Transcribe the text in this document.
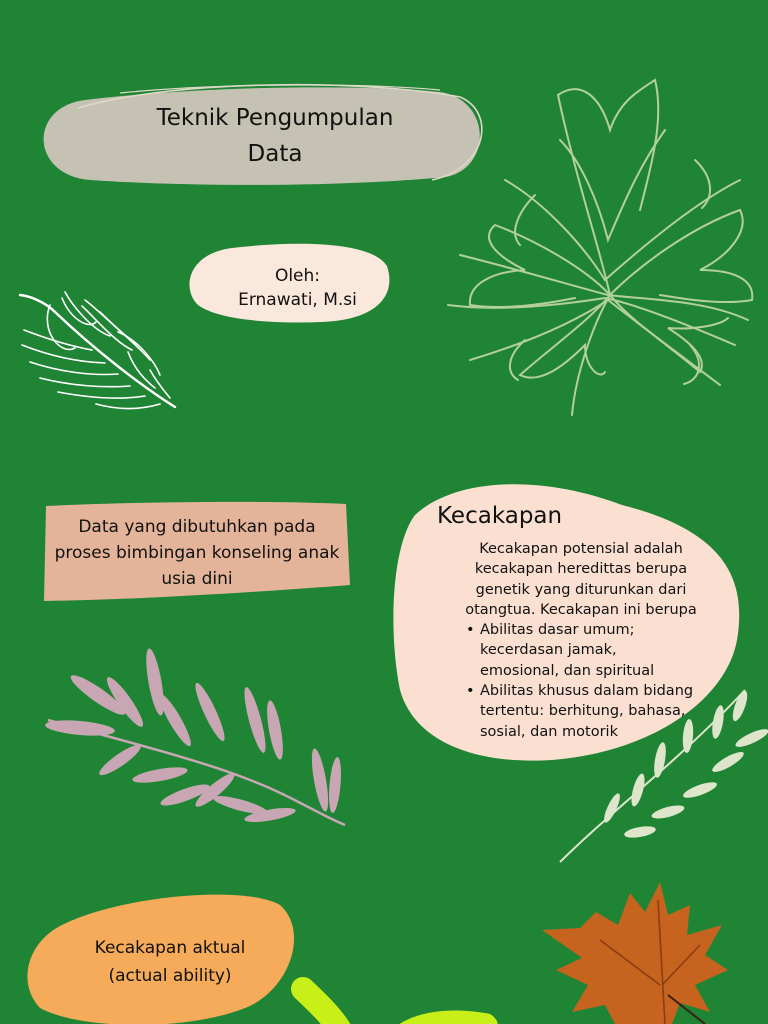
Teknik Pengumpulan
Data
Oleh:
Ernawati, M.si
Data yang dibutuhkan pada proses bimbingan konseling anak usia dini
Kecakapan
Kecakapan potensial adalah kecakapan heredittas berupa genetik yang diturunkan dari otangtua. Kecakapan ini berupa
• Abilitas dasar umum; kecerdasan jamak, emosional, dan spiritual
• Abilitas khusus dalam bidang tertentu: berhitung, bahasa, sosial, dan motorik
Kecakapan aktual
(actual ability)
